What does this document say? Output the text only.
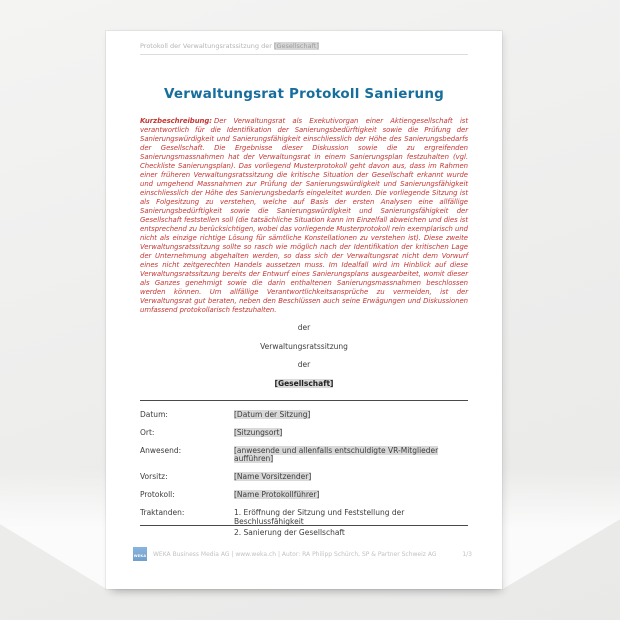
Protokoll der Verwaltungsratssitzung der [Gesellschaft]
Verwaltungsrat Protokoll Sanierung

Kurzbeschreibung: Der Verwaltungsrat als Exekutivorgan einer Aktiengesellschaft ist verantwortlich für die Identifikation der Sanierungsbedürftigkeit sowie die Prüfung der Sanierungswürdigkeit und Sanierungsfähigkeit einschliesslich der Höhe des Sanierungsbedarfs der Gesellschaft. Die Ergebnisse dieser Diskussion sowie die zu ergreifenden Sanierungsmassnahmen hat der Verwaltungsrat in einem Sanierungsplan festzuhalten (vgl. Checkliste Sanierungsplan). Das vorliegend Musterprotokoll geht davon aus, dass im Rahmen einer früheren Verwaltungsratssitzung die kritische Situation der Gesellschaft erkannt wurde und umgehend Massnahmen zur Prüfung der Sanierungswürdigkeit und Sanierungsfähigkeit einschliesslich der Höhe des Sanierungsbedarfs eingeleitet wurden. Die vorliegende Sitzung ist als Folgesitzung zu verstehen, welche auf Basis der ersten Analysen eine allfällige Sanierungsbedürftigkeit sowie die Sanierungswürdigkeit und Sanierungsfähigkeit der Gesellschaft feststellen soll (die tatsächliche Situation kann im Einzelfall abweichen und dies ist entsprechend zu berücksichtigen, wobei das vorliegende Musterprotokoll rein exemplarisch und nicht als einzige richtige Lösung für sämtliche Konstellationen zu verstehen ist). Diese zweite Verwaltungsratssitzung sollte so rasch wie möglich nach der Identifikation der kritischen Lage der Unternehmung abgehalten werden, so dass sich der Verwaltungsrat nicht dem Vorwurf eines nicht zeitgerechten Handels aussetzen muss. Im Idealfall wird im Hinblick auf diese Verwaltungsratssitzung bereits der Entwurf eines Sanierungsplans ausgearbeitet, womit dieser als Ganzes genehmigt sowie die darin enthaltenen Sanierungsmassnahmen beschlossen werden können. Um allfällige Verantwortlichkeitsansprüche zu vermeiden, ist der Verwaltungsrat gut beraten, neben den Beschlüssen auch seine Erwägungen und Diskussionen umfassend protokollarisch festzuhalten.

der
Verwaltungsratssitzung
der
[Gesellschaft]
Datum:	[Datum der Sitzung]
Ort:	[Sitzungsort]
Anwesend:	[anwesende und allenfalls entschuldigte VR-Mitglieder aufführen]
Vorsitz:	[Name Vorsitzender]
Protokoll:	[Name Protokollführer]
Traktanden:	1. Eröffnung der Sitzung und Feststellung der Beschlussfähigkeit
2. Sanierung der Gesellschaft
WEKA WEKA Business Media AG | www.weka.ch | Autor: RA Philipp Schürch, SP & Partner Schweiz AG	1/3
